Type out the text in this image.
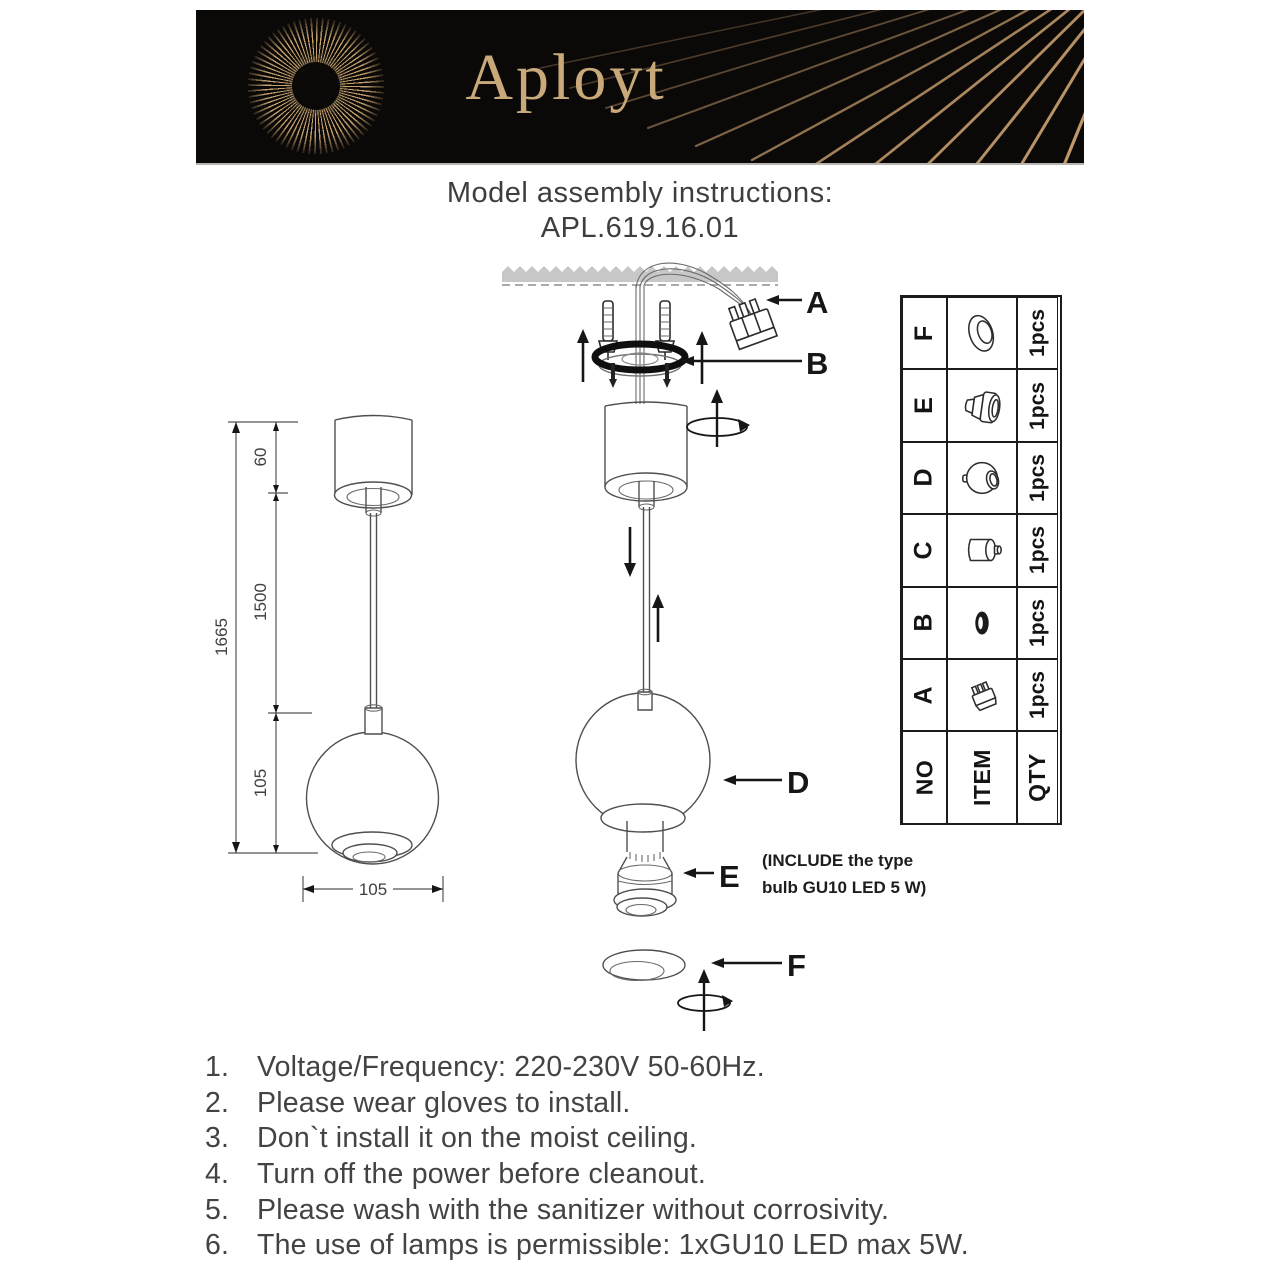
Aployt
Model assembly instructions:
APL.619.16.01
1665
60
1500
105
105
A
B
D
E (INCLUDE the type
bulb GU10 LED 5 W)
F
F	1pcs
E	1pcs
D	1pcs
C	1pcs
B	1pcs
A	1pcs
NO ITEM QTY
1. Voltage/Frequency: 220-230V 50-60Hz.
2. Please wear gloves to install.
3. Don`t install it on the moist ceiling.
4. Turn off the power before cleanout.
5. Please wash with the sanitizer without corrosivity.
6. The use of lamps is permissible: 1xGU10 LED max 5W.
